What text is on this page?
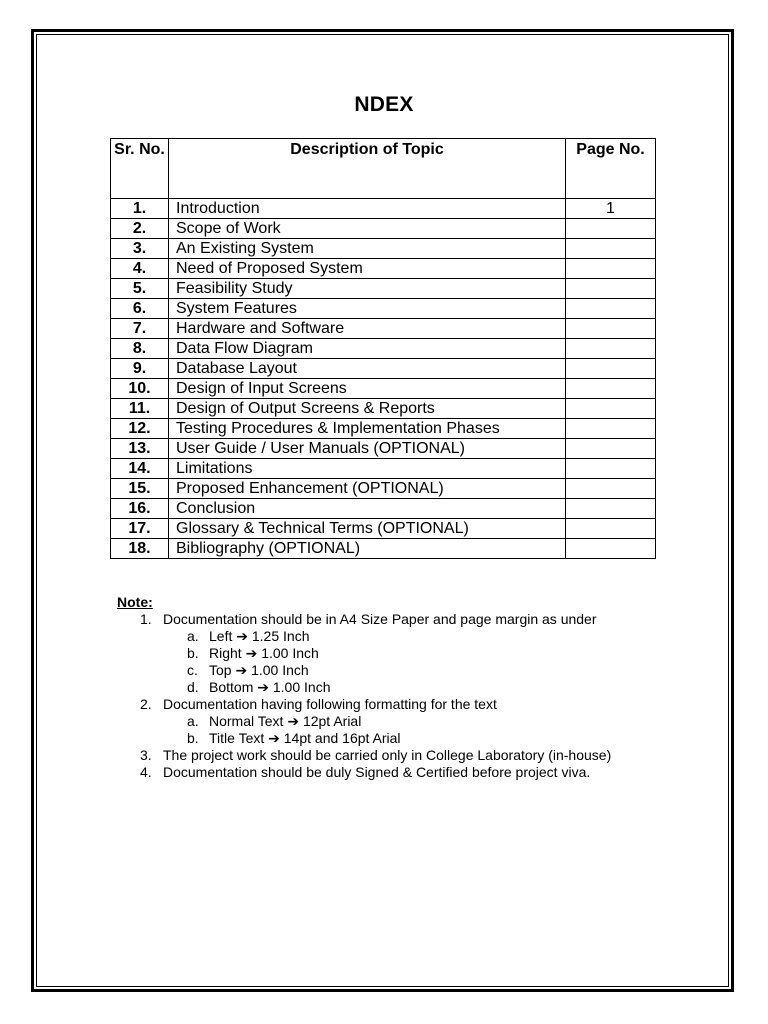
NDEX
Sr. No.	Description of Topic	Page No.
1.	Introduction	1
2.	Scope of Work	
3.	An Existing System	
4.	Need of Proposed System	
5.	Feasibility Study	
6.	System Features	
7.	Hardware and Software	
8.	Data Flow Diagram	
9.	Database Layout	
10.	Design of Input Screens	
11.	Design of Output Screens & Reports	
12.	Testing Procedures & Implementation Phases	
13.	User Guide / User Manuals (OPTIONAL)	
14.	Limitations	
15.	Proposed Enhancement (OPTIONAL)	
16.	Conclusion	
17.	Glossary & Technical Terms (OPTIONAL)	
18.	Bibliography (OPTIONAL)	
Note:
1. Documentation should be in A4 Size Paper and page margin as under
a. Left ➔ 1.25 Inch
b. Right ➔ 1.00 Inch
c. Top ➔ 1.00 Inch
d. Bottom ➔ 1.00 Inch
2. Documentation having following formatting for the text
a. Normal Text ➔ 12pt Arial
b. Title Text ➔ 14pt and 16pt Arial
3. The project work should be carried only in College Laboratory (in-house)
4. Documentation should be duly Signed & Certified before project viva.
